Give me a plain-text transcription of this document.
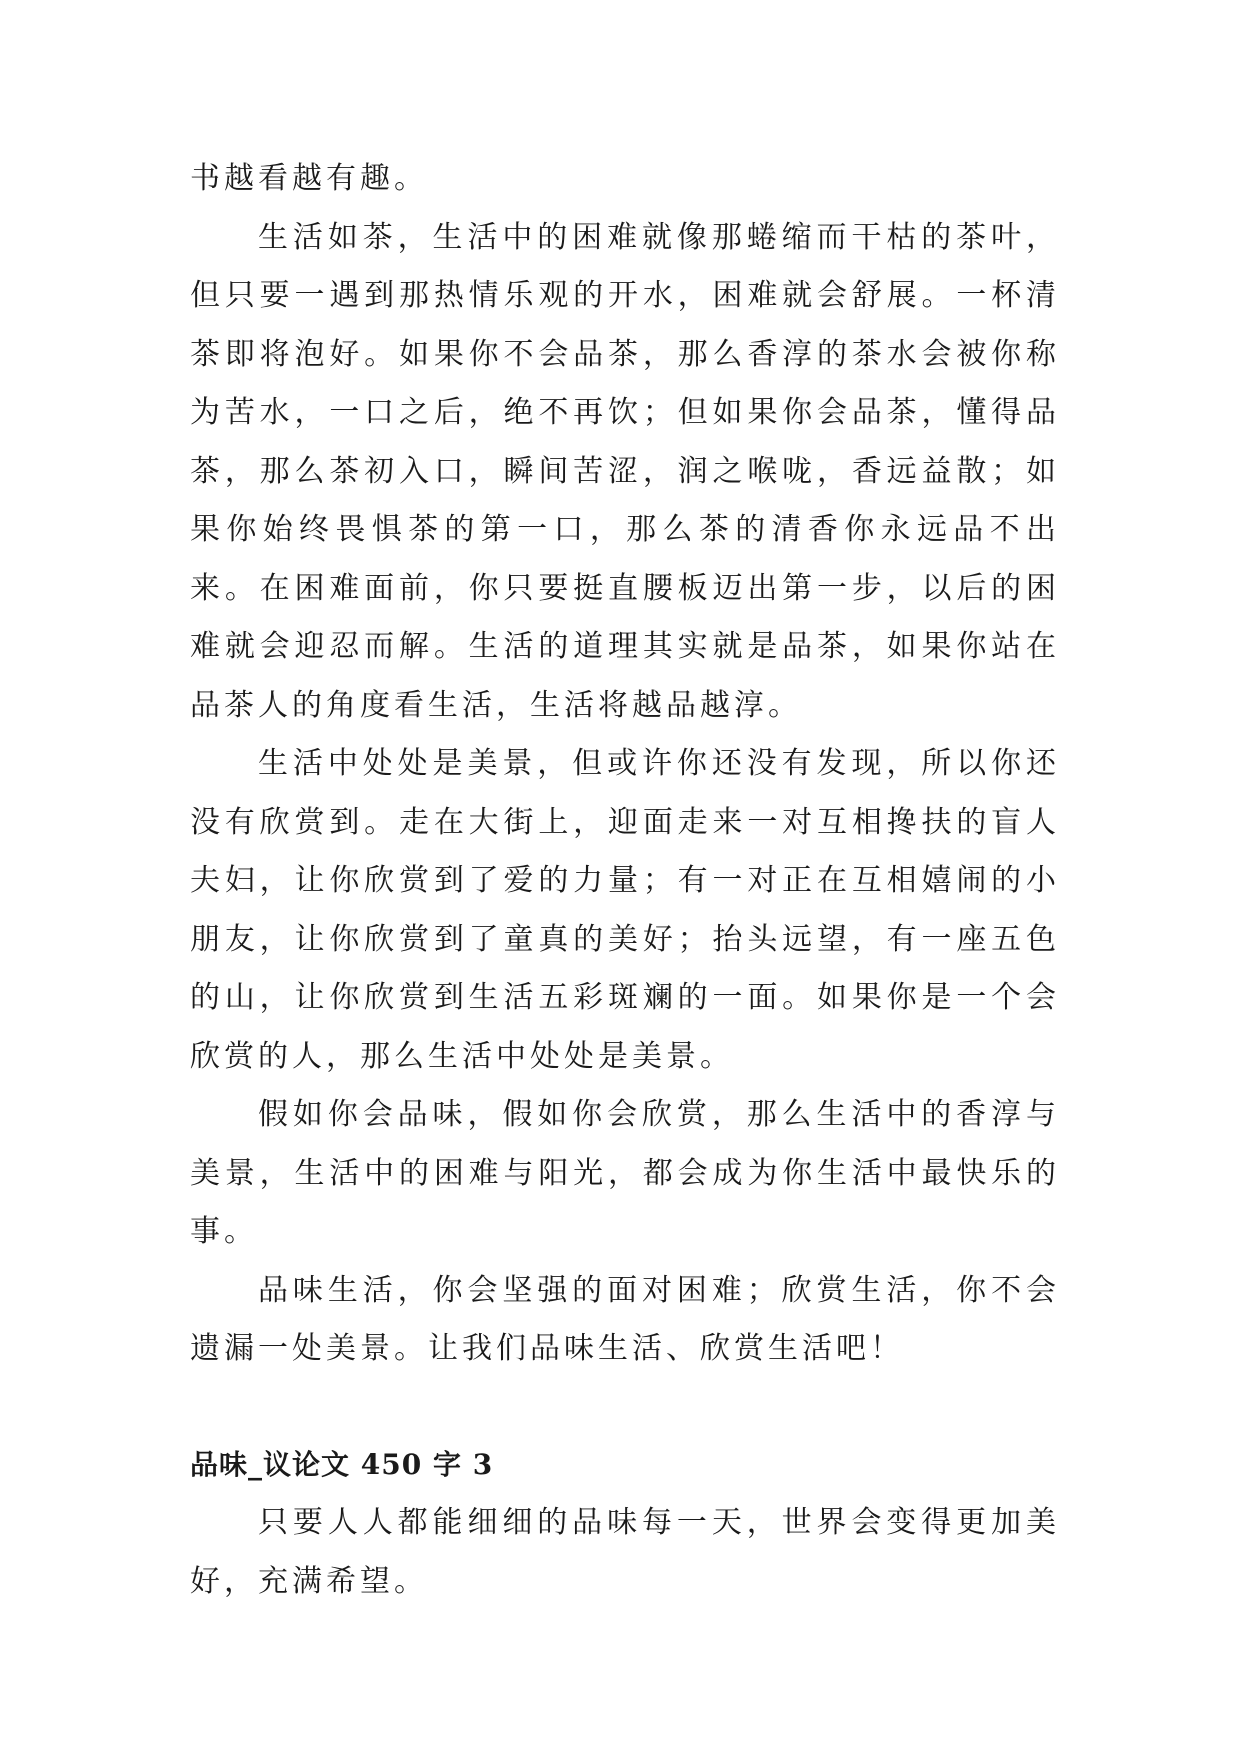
书越看越有趣。

生活如茶，生活中的困难就像那蜷缩而干枯的茶叶，但只要一遇到那热情乐观的开水，困难就会舒展。一杯清茶即将泡好。如果你不会品茶，那么香淳的茶水会被你称为苦水，一口之后，绝不再饮；但如果你会品茶，懂得品茶，那么茶初入口，瞬间苦涩，润之喉咙，香远益散；如果你始终畏惧茶的第一口，那么茶的清香你永远品不出来。在困难面前，你只要挺直腰板迈出第一步，以后的困难就会迎忍而解。生活的道理其实就是品茶，如果你站在品茶人的角度看生活，生活将越品越淳。

生活中处处是美景，但或许你还没有发现，所以你还没有欣赏到。走在大街上，迎面走来一对互相搀扶的盲人夫妇，让你欣赏到了爱的力量；有一对正在互相嬉闹的小朋友，让你欣赏到了童真的美好；抬头远望，有一座五色的山，让你欣赏到生活五彩斑斓的一面。如果你是一个会欣赏的人，那么生活中处处是美景。

假如你会品味，假如你会欣赏，那么生活中的香淳与美景，生活中的困难与阳光，都会成为你生活中最快乐的事。

品味生活，你会坚强的面对困难；欣赏生活，你不会遗漏一处美景。让我们品味生活、欣赏生活吧！

品味_议论文 450 字 3

只要人人都能细细的品味每一天，世界会变得更加美好，充满希望。
